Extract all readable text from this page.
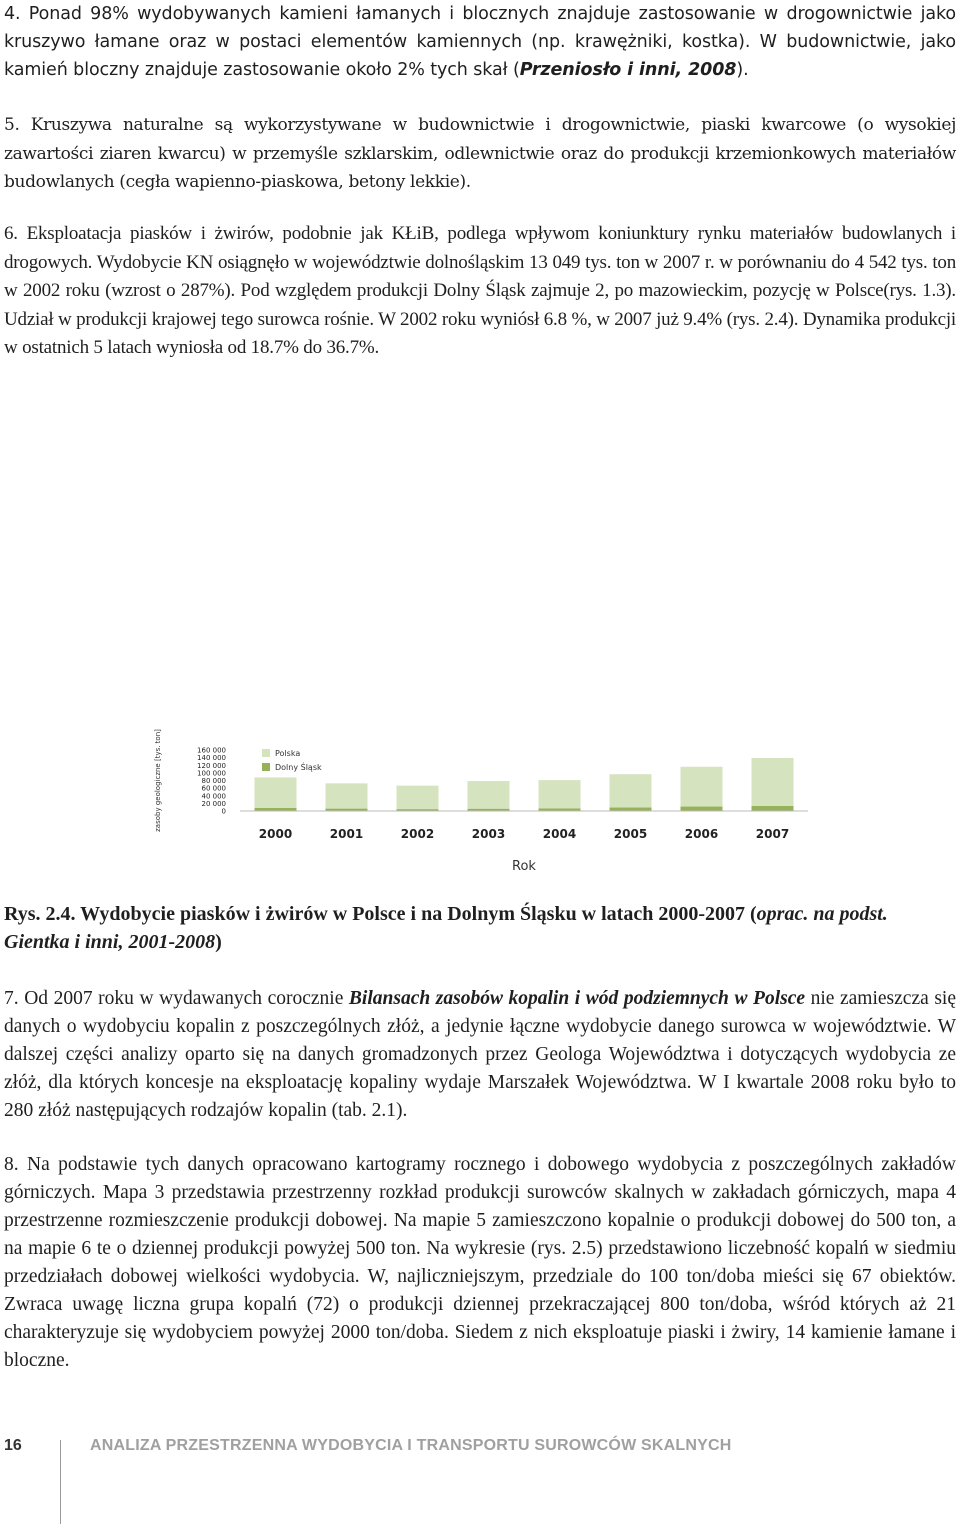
4. Ponad 98% wydobywanych kamieni łamanych i blocznych znajduje zastosowanie w drogownictwie jako kruszywo łamane oraz w postaci elementów kamiennych (np. krawężniki, kostka). W budownictwie, jako kamień bloczny znajduje zastosowanie około 2% tych skał (Przeniosło i inni, 2008).

5. Kruszywa naturalne są wykorzystywane w budownictwie i drogownictwie, piaski kwarcowe (o wysokiej zawartości ziaren kwarcu) w przemyśle szklarskim, odlewnictwie oraz do produkcji krzemionkowych materiałów budowlanych (cegła wapienno-piaskowa, betony lekkie).

6. Eksploatacja piasków i żwirów, podobnie jak KŁiB, podlega wpływom koniunktury rynku materiałów budowlanych i drogowych. Wydobycie KN osiągnęło w województwie dolnośląskim 13 049 tys. ton w 2007 r. w porównaniu do 4 542 tys. ton w 2002 roku (wzrost o 287%). Pod względem produkcji Dolny Śląsk zajmuje 2, po mazowieckim, pozycję w Polsce(rys. 1.3). Udział w produkcji krajowej tego surowca rośnie. W 2002 roku wyniósł 6.8 %, w 2007 już 9.4% (rys. 2.4). Dynamika produkcji w ostatnich 5 latach wyniosła od 18.7% do 36.7%.

0
20 000
40 000
60 000
80 000
100 000
120 000
140 000
160 000
zasoby geologiczne [tys. ton]
2000	2001	2002	2003	2004	2005	2006	2007
Rok
Polska
Dolny Śląsk

Rys. 2.4. Wydobycie piasków i żwirów w Polsce i na Dolnym Śląsku w latach 2000-2007 (oprac. na podst. Gientka i inni, 2001-2008)

7. Od 2007 roku w wydawanych corocznie Bilansach zasobów kopalin i wód podziemnych w Polsce nie zamieszcza się danych o wydobyciu kopalin z poszczególnych złóż, a jedynie łączne wydobycie danego surowca w województwie. W dalszej części analizy oparto się na danych gromadzonych przez Geologa Województwa i dotyczących wydobycia ze złóż, dla których koncesje na eksploatację kopaliny wydaje Marszałek Województwa. W I kwartale 2008 roku było to 280 złóż następujących rodzajów kopalin (tab. 2.1).

8. Na podstawie tych danych opracowano kartogramy rocznego i dobowego wydobycia z poszczególnych zakładów górniczych. Mapa 3 przedstawia przestrzenny rozkład produkcji surowców skalnych w zakładach górniczych, mapa 4 przestrzenne rozmieszczenie produkcji dobowej. Na mapie 5 zamieszczono kopalnie o produkcji dobowej do 500 ton, a na mapie 6 te o dziennej produkcji powyżej 500 ton. Na wykresie (rys. 2.5) przedstawiono liczebność kopalń w siedmiu przedziałach dobowej wielkości wydobycia. W, najliczniejszym, przedziale do 100 ton/doba mieści się 67 obiektów. Zwraca uwagę liczna grupa kopalń (72) o produkcji dziennej przekraczającej 800 ton/doba, wśród których aż 21 charakteryzuje się wydobyciem powyżej 2000 ton/doba. Siedem z nich eksploatuje piaski i żwiry, 14 kamienie łamane i bloczne.

16	ANALIZA PRZESTRZENNA WYDOBYCIA I TRANSPORTU SUROWCÓW SKALNYCH
